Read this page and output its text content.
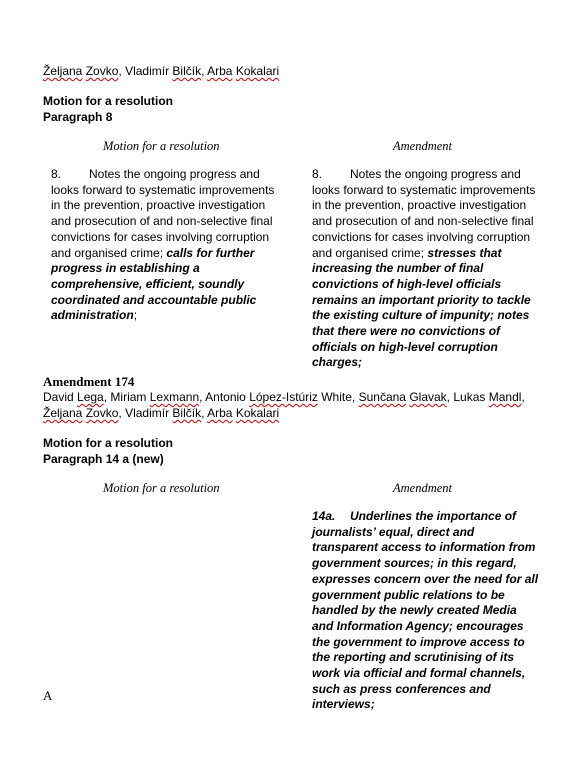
Željana Zovko, Vladimír Bilčík, Arba Kokalari
Motion for a resolution
Paragraph 8
Motion for a resolution	Amendment
8. Notes the ongoing progress and looks forward to systematic improvements in the prevention, proactive investigation and prosecution of and non-selective final convictions for cases involving corruption and organised crime; calls for further progress in establishing a comprehensive, efficient, soundly coordinated and accountable public administration;
8. Notes the ongoing progress and looks forward to systematic improvements in the prevention, proactive investigation and prosecution of and non-selective final convictions for cases involving corruption and organised crime; stresses that increasing the number of final convictions of high-level officials remains an important priority to tackle the existing culture of impunity; notes that there were no convictions of officials on high-level corruption charges;
Amendment 174
David Lega, Miriam Lexmann, Antonio López-Istúriz White, Sunčana Glavak, Lukas Mandl,
Željana Zovko, Vladimír Bilčík, Arba Kokalari
Motion for a resolution
Paragraph 14 a (new)
Motion for a resolution	Amendment
14a. Underlines the importance of journalists’ equal, direct and transparent access to information from government sources; in this regard, expresses concern over the need for all government public relations to be handled by the newly created Media and Information Agency; encourages the government to improve access to the reporting and scrutinising of its work via official and formal channels, such as press conferences and interviews;
A
